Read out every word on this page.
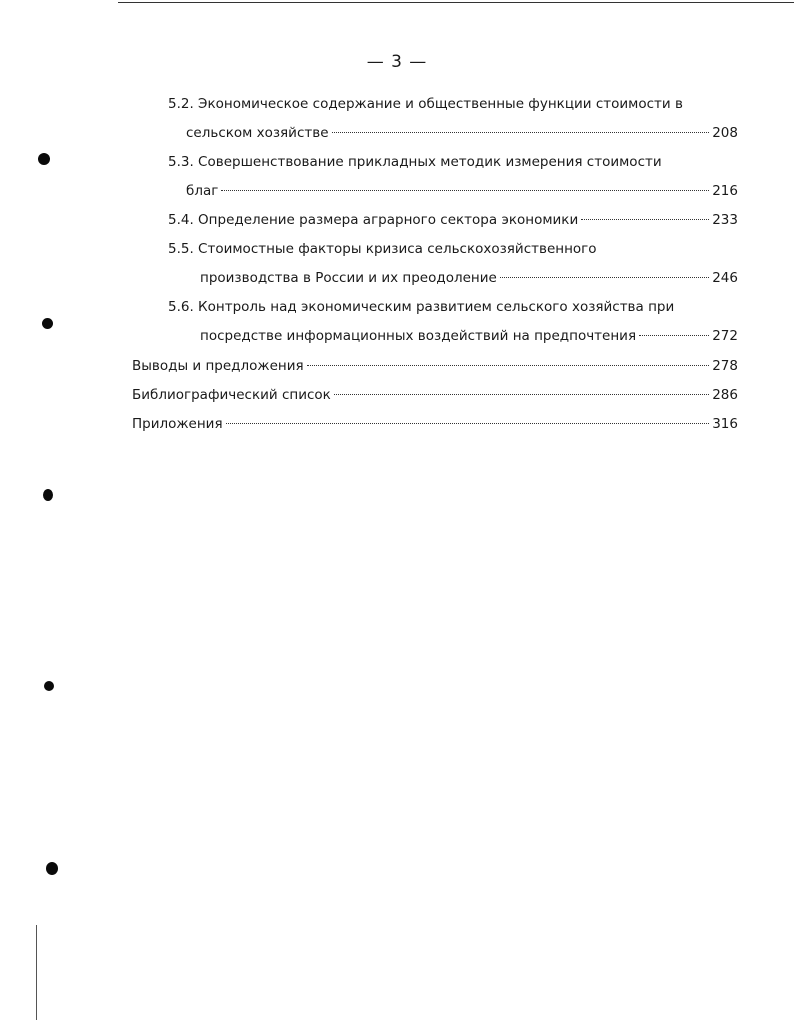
— 3 —
5.2. Экономическое содержание и общественные функции стоимости в
сельском хозяйстве	208
5.3. Совершенствование прикладных методик измерения стоимости
благ	216
5.4. Определение размера аграрного сектора экономики	233
5.5. Стоимостные факторы кризиса сельскохозяйственного
производства в России и их преодоление	246
5.6. Контроль над экономическим развитием сельского хозяйства при
посредстве информационных воздействий на предпочтения	272
Выводы и предложения	278
Библиографический список	286
Приложения	316
